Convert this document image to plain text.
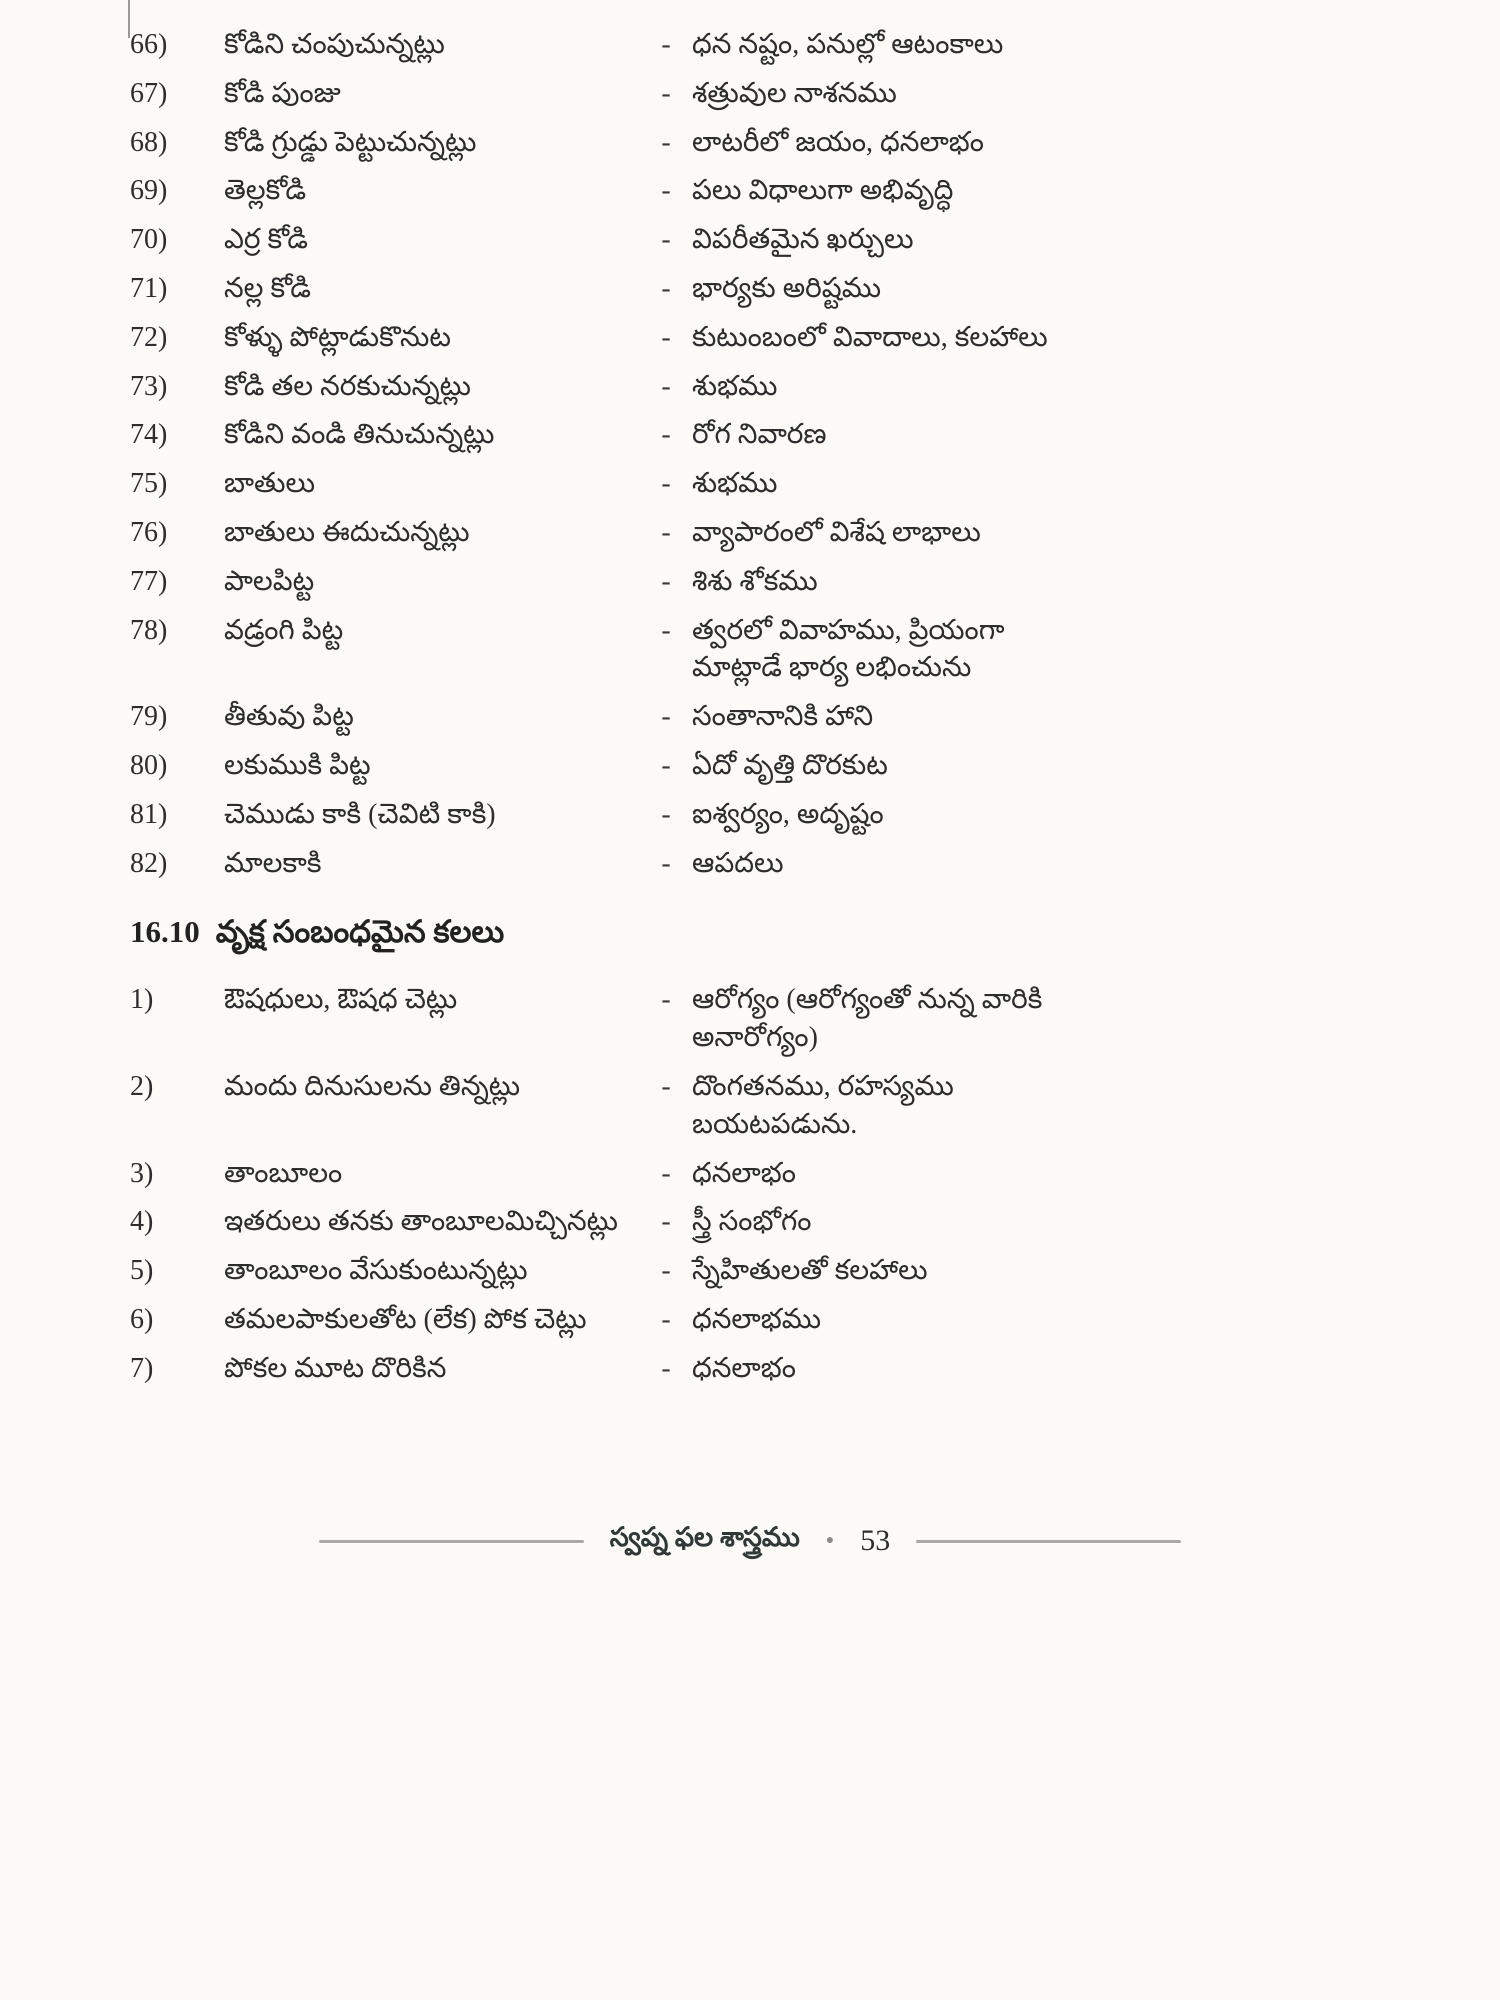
66)	కోడిని చంపుచున్నట్లు	- ధన నష్టం, పనుల్లో ఆటంకాలు
67)	కోడి పుంజు	- శత్రువుల నాశనము
68)	కోడి గ్రుడ్డు పెట్టుచున్నట్లు	- లాటరీలో జయం, ధనలాభం
69)	తెల్లకోడి	- పలు విధాలుగా అభివృద్ధి
70)	ఎర్ర కోడి	- విపరీతమైన ఖర్చులు
71)	నల్ల కోడి	- భార్యకు అరిష్టము
72)	కోళ్ళు పోట్లాడుకొనుట	- కుటుంబంలో వివాదాలు, కలహాలు
73)	కోడి తల నరకుచున్నట్లు	- శుభము
74)	కోడిని వండి తినుచున్నట్లు	- రోగ నివారణ
75)	బాతులు	- శుభము
76)	బాతులు ఈదుచున్నట్లు	- వ్యాపారంలో విశేష లాభాలు
77)	పాలపిట్ట	- శిశు శోకము
78)	వడ్రంగి పిట్ట	- త్వరలో వివాహము, ప్రియంగా మాట్లాడే భార్య లభించును
79)	తీతువు పిట్ట	- సంతానానికి హాని
80)	లకుముకి పిట్ట	- ఏదో వృత్తి దొరకుట
81)	చెముడు కాకి (చెవిటి కాకి)	- ఐశ్వర్యం, అదృష్టం
82)	మాలకాకి	- ఆపదలు
16.10 వృక్ష సంబంధమైన కలలు
1)	ఔషధులు, ఔషధ చెట్లు	- ఆరోగ్యం (ఆరోగ్యంతో నున్న వారికి అనారోగ్యం)
2)	మందు దినుసులను తిన్నట్లు	- దొంగతనము, రహస్యము బయటపడును.
3)	తాంబూలం	- ధనలాభం
4)	ఇతరులు తనకు తాంబూలమిచ్చినట్లు	- స్త్రీ సంభోగం
5)	తాంబూలం వేసుకుంటున్నట్లు	- స్నేహితులతో కలహాలు
6)	తమలపాకులతోట (లేక) పోక చెట్లు	- ధనలాభము
7)	పోకల మూట దొరికిన	- ధనలాభం
స్వప్న ఫల శాస్త్రము ● 53
